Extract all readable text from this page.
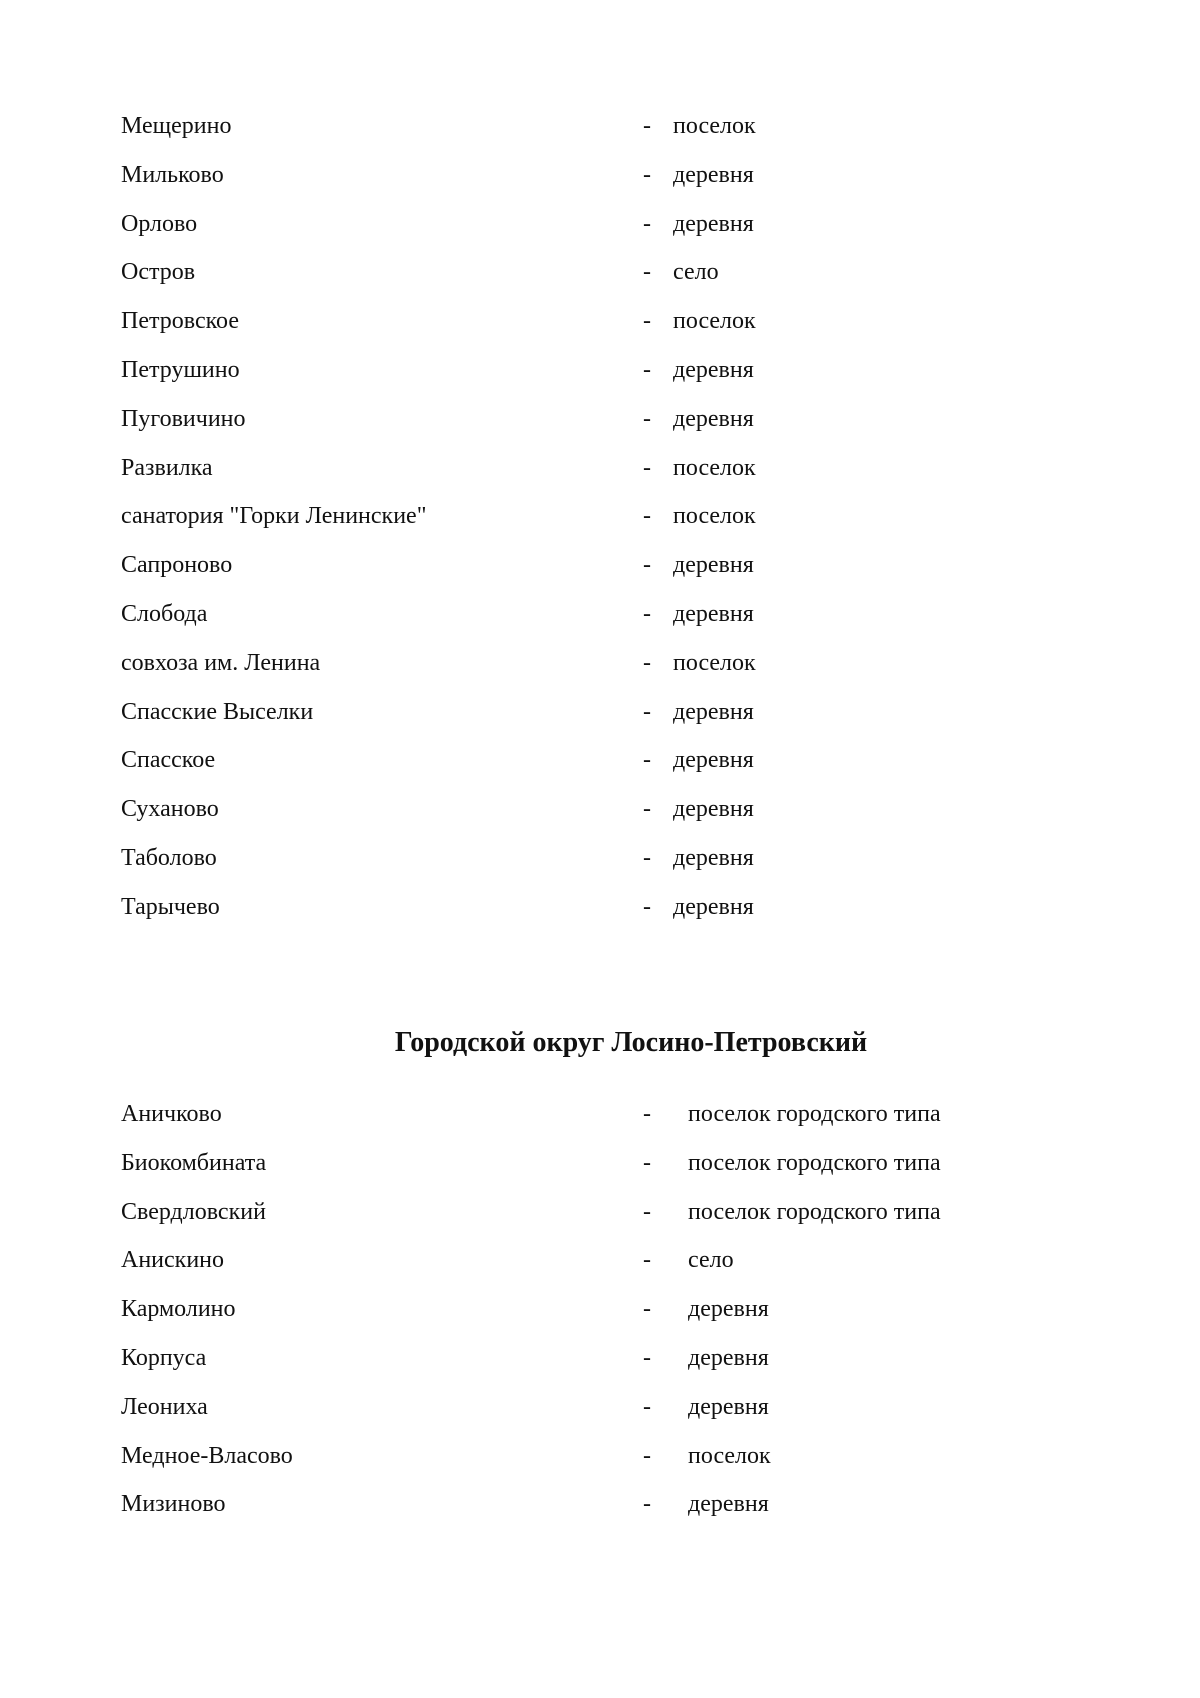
Мещерино	- поселок
Мильково	- деревня
Орлово	- деревня
Остров	- село
Петровское	- поселок
Петрушино	- деревня
Пуговичино	- деревня
Развилка	- поселок
санатория "Горки Ленинские"	- поселок
Сапроново	- деревня
Слобода	- деревня
совхоза им. Ленина	- поселок
Спасские Выселки	- деревня
Спасское	- деревня
Суханово	- деревня
Таболово	- деревня
Тарычево	- деревня
Городской округ Лосино-Петровский
Аничково	- поселок городского типа
Биокомбината	- поселок городского типа
Свердловский	- поселок городского типа
Анискино	- село
Кармолино	- деревня
Корпуса	- деревня
Леониха	- деревня
Медное-Власово	- поселок
Мизиново	- деревня
